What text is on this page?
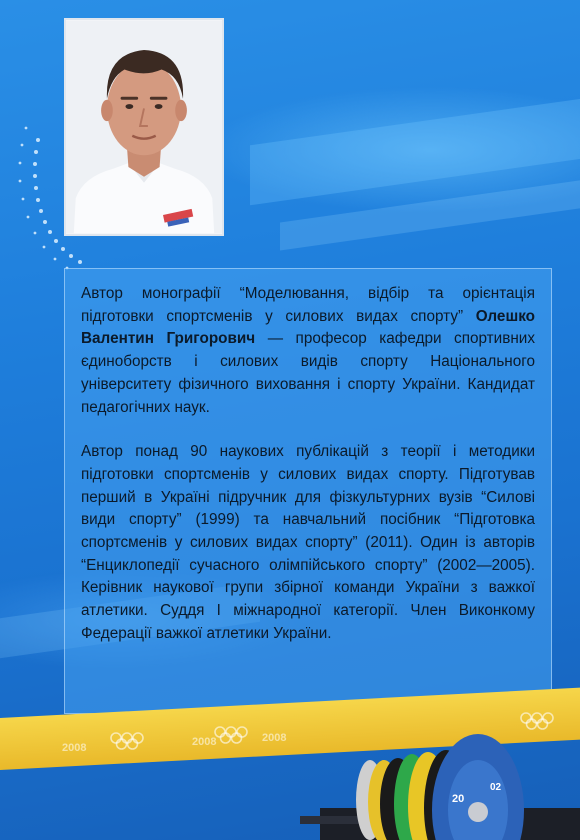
Автор монографії “Моделювання, відбір та орієнтація підготовки спортсменів у силових видах спорту” Олешко Валентин Григорович — професор кафедри спортивних єдиноборств і силових видів спорту Національного університету фізичного виховання і спорту України. Кандидат педагогічних наук.

Автор понад 90 наукових публікацій з теорії і методики підготовки спортсменів у силових видах спорту. Підготував перший в Україні підручник для фізкультурних вузів “Силові види спорту” (1999) та навчальний посібник “Підготовка спортсменів у силових видах спорту” (2011). Один із авторів “Енциклопедії сучасного олімпійського спорту” (2002—2005). Керівник наукової групи збірної команди України з важкої атлетики. Суддя І міжнародної категорії. Член Виконкому Федерації важкої атлетики України.

2008	2008	2008
20
02
